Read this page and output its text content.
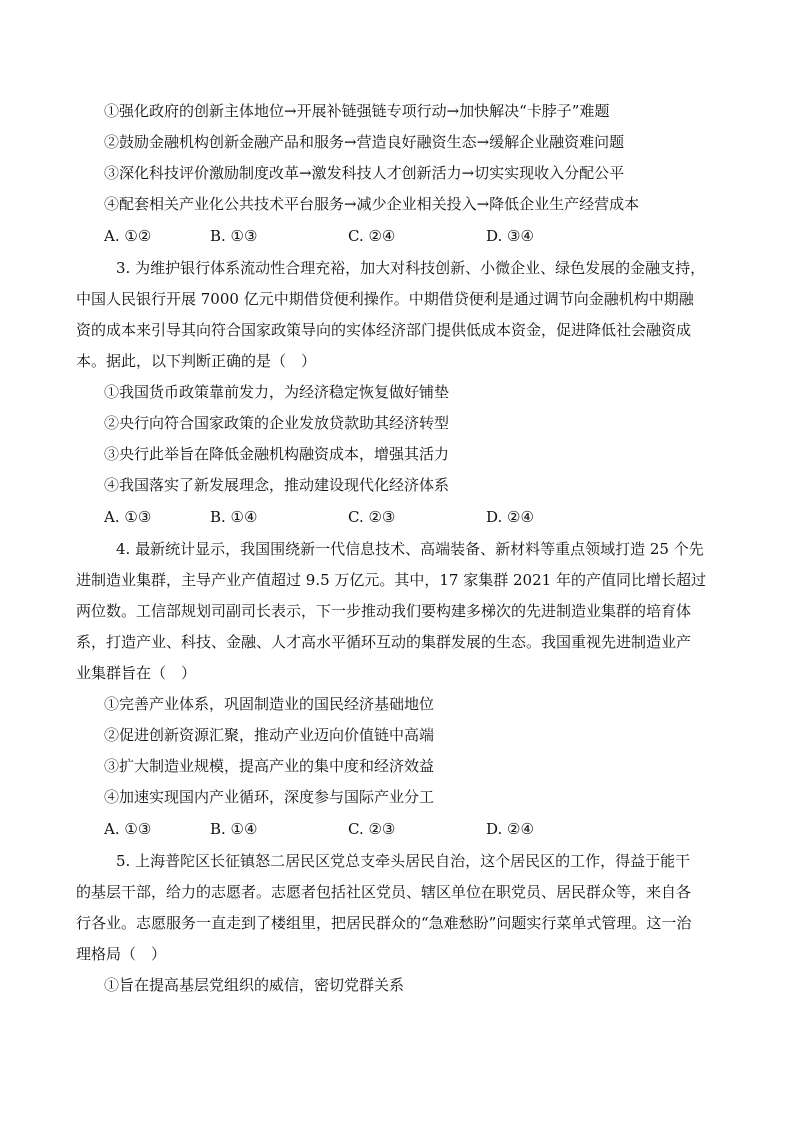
①强化政府的创新主体地位→开展补链强链专项行动→加快解决“卡脖子”难题
②鼓励金融机构创新金融产品和服务→营造良好融资生态→缓解企业融资难问题
③深化科技评价激励制度改革→激发科技人才创新活力→切实实现收入分配公平
④配套相关产业化公共技术平台服务→减少企业相关投入→降低企业生产经营成本
A. ①②	B. ①③	C. ②④	D. ③④
3. 为维护银行体系流动性合理充裕，加大对科技创新、小微企业、绿色发展的金融支持，
中国人民银行开展 7000 亿元中期借贷便利操作。中期借贷便利是通过调节向金融机构中期融
资的成本来引导其向符合国家政策导向的实体经济部门提供低成本资金，促进降低社会融资成
本。据此，以下判断正确的是（　）
①我国货币政策靠前发力，为经济稳定恢复做好铺垫
②央行向符合国家政策的企业发放贷款助其经济转型
③央行此举旨在降低金融机构融资成本，增强其活力
④我国落实了新发展理念，推动建设现代化经济体系
A. ①③	B. ①④	C. ②③	D. ②④
4. 最新统计显示，我国围绕新一代信息技术、高端装备、新材料等重点领域打造 25 个先
进制造业集群，主导产业产值超过 9.5 万亿元。其中，17 家集群 2021 年的产值同比增长超过
两位数。工信部规划司副司长表示，下一步推动我们要构建多梯次的先进制造业集群的培育体
系，打造产业、科技、金融、人才高水平循环互动的集群发展的生态。我国重视先进制造业产
业集群旨在（　）
①完善产业体系，巩固制造业的国民经济基础地位
②促进创新资源汇聚，推动产业迈向价值链中高端
③扩大制造业规模，提高产业的集中度和经济效益
④加速实现国内产业循环，深度参与国际产业分工
A. ①③	B. ①④	C. ②③	D. ②④
5. 上海普陀区长征镇怒二居民区党总支牵头居民自治，这个居民区的工作，得益于能干
的基层干部，给力的志愿者。志愿者包括社区党员、辖区单位在职党员、居民群众等，来自各
行各业。志愿服务一直走到了楼组里，把居民群众的“急难愁盼”问题实行菜单式管理。这一治
理格局（　）
①旨在提高基层党组织的威信，密切党群关系
